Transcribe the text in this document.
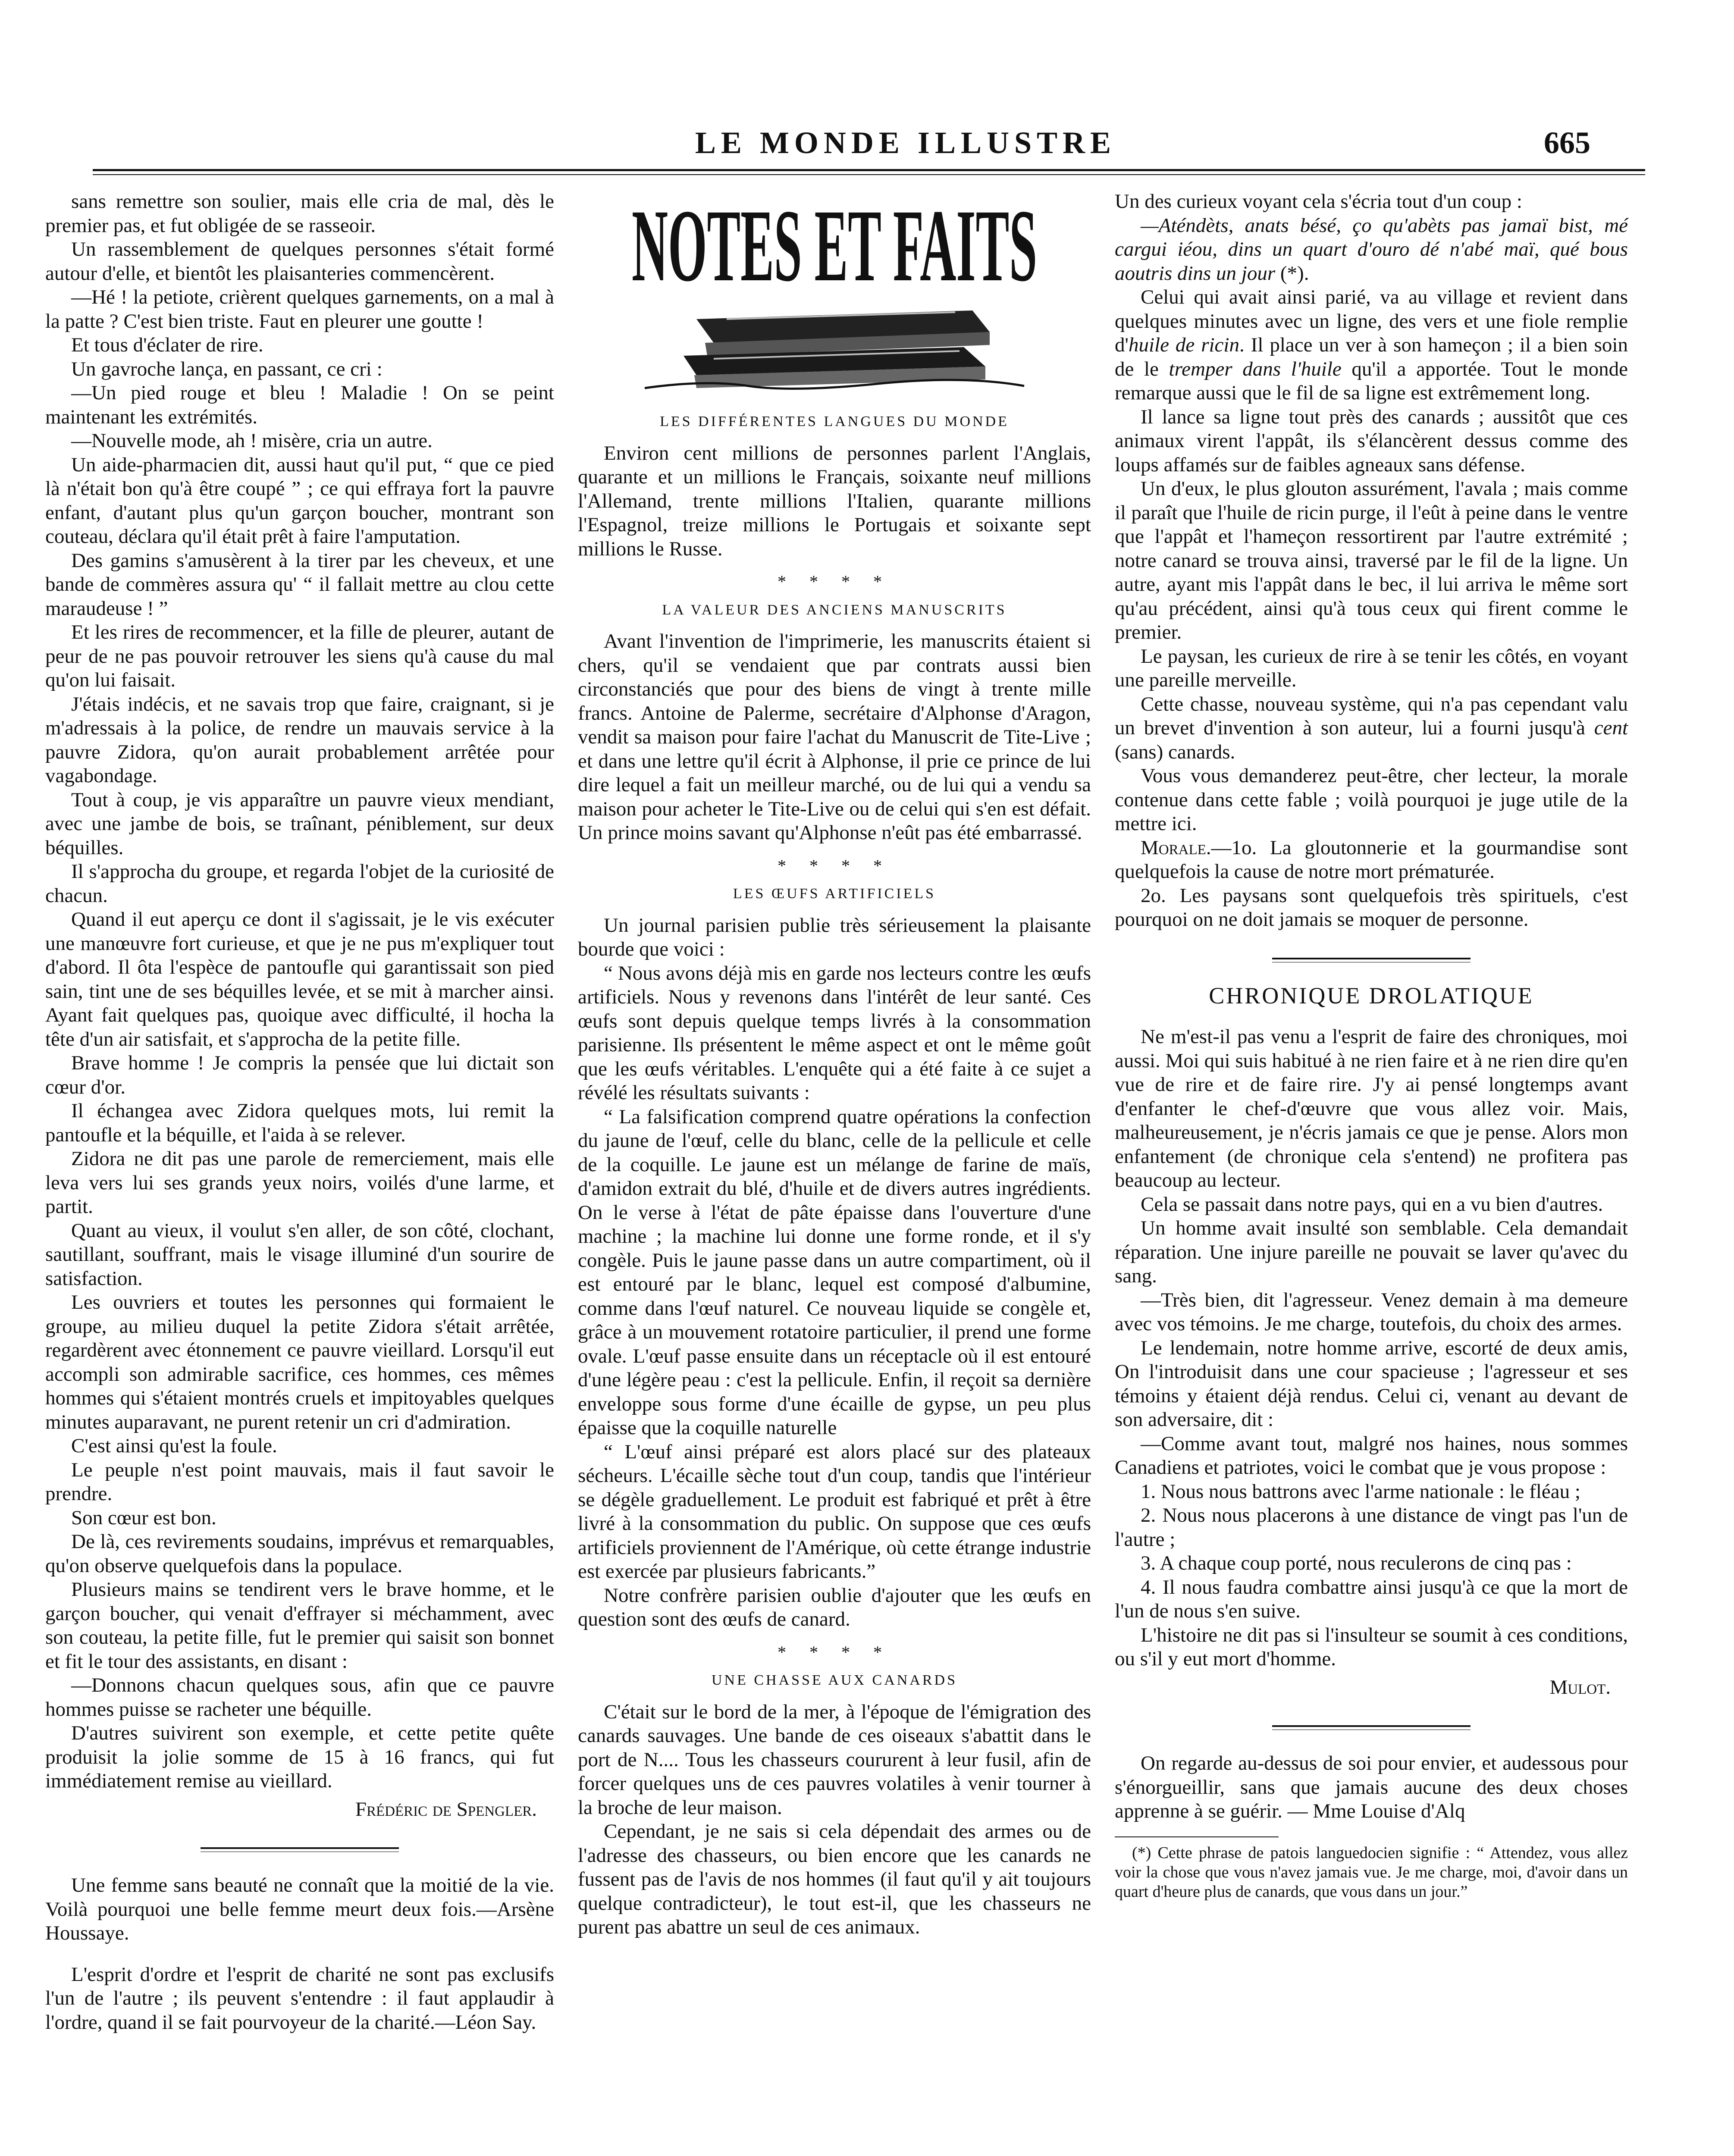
LE MONDE ILLUSTRE	665

sans remettre son soulier, mais elle cria de mal, dès le premier pas, et fut obligée de se rasseoir.

Un rassemblement de quelques personnes s'était formé autour d'elle, et bientôt les plaisanteries commencèrent.

—Hé ! la petiote, crièrent quelques garnements, on a mal à la patte ? C'est bien triste. Faut en pleurer une goutte !

Et tous d'éclater de rire.

Un gavroche lança, en passant, ce cri :

—Un pied rouge et bleu ! Maladie ! On se peint maintenant les extrémités.

—Nouvelle mode, ah ! misère, cria un autre.

Un aide-pharmacien dit, aussi haut qu'il put, “ que ce pied là n'était bon qu'à être coupé ” ; ce qui effraya fort la pauvre enfant, d'autant plus qu'un garçon boucher, montrant son couteau, déclara qu'il était prêt à faire l'amputation.

Des gamins s'amusèrent à la tirer par les cheveux, et une bande de commères assura qu' “ il fallait mettre au clou cette maraudeuse ! ”

Et les rires de recommencer, et la fille de pleurer, autant de peur de ne pas pouvoir retrouver les siens qu'à cause du mal qu'on lui faisait.

J'étais indécis, et ne savais trop que faire, craignant, si je m'adressais à la police, de rendre un mauvais service à la pauvre Zidora, qu'on aurait probablement arrêtée pour vagabondage.

Tout à coup, je vis apparaître un pauvre vieux mendiant, avec une jambe de bois, se traînant, péniblement, sur deux béquilles.

Il s'approcha du groupe, et regarda l'objet de la curiosité de chacun.

Quand il eut aperçu ce dont il s'agissait, je le vis exécuter une manœuvre fort curieuse, et que je ne pus m'expliquer tout d'abord. Il ôta l'espèce de pantoufle qui garantissait son pied sain, tint une de ses béquilles levée, et se mit à marcher ainsi. Ayant fait quelques pas, quoique avec difficulté, il hocha la tête d'un air satisfait, et s'approcha de la petite fille.

Brave homme ! Je compris la pensée que lui dictait son cœur d'or.

Il échangea avec Zidora quelques mots, lui remit la pantoufle et la béquille, et l'aida à se relever.

Zidora ne dit pas une parole de remerciement, mais elle leva vers lui ses grands yeux noirs, voilés d'une larme, et partit.

Quant au vieux, il voulut s'en aller, de son côté, clochant, sautillant, souffrant, mais le visage illuminé d'un sourire de satisfaction.

Les ouvriers et toutes les personnes qui formaient le groupe, au milieu duquel la petite Zidora s'était arrêtée, regardèrent avec étonnement ce pauvre vieillard. Lorsqu'il eut accompli son admirable sacrifice, ces hommes, ces mêmes hommes qui s'étaient montrés cruels et impitoyables quelques minutes auparavant, ne purent retenir un cri d'admiration.

C'est ainsi qu'est la foule.

Le peuple n'est point mauvais, mais il faut savoir le prendre.

Son cœur est bon.

De là, ces revirements soudains, imprévus et remarquables, qu'on observe quelquefois dans la populace.

Plusieurs mains se tendirent vers le brave homme, et le garçon boucher, qui venait d'effrayer si méchamment, avec son couteau, la petite fille, fut le premier qui saisit son bonnet et fit le tour des assistants, en disant :

—Donnons chacun quelques sous, afin que ce pauvre hommes puisse se racheter une béquille.

D'autres suivirent son exemple, et cette petite quête produisit la jolie somme de 15 à 16 francs, qui fut immédiatement remise au vieillard.

Frédéric de Spengler.

Une femme sans beauté ne connaît que la moitié de la vie. Voilà pourquoi une belle femme meurt deux fois.—Arsène Houssaye.

L'esprit d'ordre et l'esprit de charité ne sont pas exclusifs l'un de l'autre ; ils peuvent s'entendre : il faut applaudir à l'ordre, quand il se fait pourvoyeur de la charité.—Léon Say.

NOTES ET FAITS

LES DIFFÉRENTES LANGUES DU MONDE

Environ cent millions de personnes parlent l'Anglais, quarante et un millions le Français, soixante neuf millions l'Allemand, trente millions l'Italien, quarante millions l'Espagnol, treize millions le Portugais et soixante sept millions le Russe.

* * * *

LA VALEUR DES ANCIENS MANUSCRITS

Avant l'invention de l'imprimerie, les manuscrits étaient si chers, qu'il se vendaient que par contrats aussi bien circonstanciés que pour des biens de vingt à trente mille francs. Antoine de Palerme, secrétaire d'Alphonse d'Aragon, vendit sa maison pour faire l'achat du Manuscrit de Tite-Live ; et dans une lettre qu'il écrit à Alphonse, il prie ce prince de lui dire lequel a fait un meilleur marché, ou de lui qui a vendu sa maison pour acheter le Tite-Live ou de celui qui s'en est défait. Un prince moins savant qu'Alphonse n'eût pas été embarrassé.

* * * *

LES ŒUFS ARTIFICIELS

Un journal parisien publie très sérieusement la plaisante bourde que voici :

“ Nous avons déjà mis en garde nos lecteurs contre les œufs artificiels. Nous y revenons dans l'intérêt de leur santé. Ces œufs sont depuis quelque temps livrés à la consommation parisienne. Ils présentent le même aspect et ont le même goût que les œufs véritables. L'enquête qui a été faite à ce sujet a révélé les résultats suivants :

“ La falsification comprend quatre opérations la confection du jaune de l'œuf, celle du blanc, celle de la pellicule et celle de la coquille. Le jaune est un mélange de farine de maïs, d'amidon extrait du blé, d'huile et de divers autres ingrédients. On le verse à l'état de pâte épaisse dans l'ouverture d'une machine ; la machine lui donne une forme ronde, et il s'y congèle. Puis le jaune passe dans un autre compartiment, où il est entouré par le blanc, lequel est composé d'albumine, comme dans l'œuf naturel. Ce nouveau liquide se congèle et, grâce à un mouvement rotatoire particulier, il prend une forme ovale. L'œuf passe ensuite dans un réceptacle où il est entouré d'une légère peau : c'est la pellicule. Enfin, il reçoit sa dernière enveloppe sous forme d'une écaille de gypse, un peu plus épaisse que la coquille naturelle

“ L'œuf ainsi préparé est alors placé sur des plateaux sécheurs. L'écaille sèche tout d'un coup, tandis que l'intérieur se dégèle graduellement. Le produit est fabriqué et prêt à être livré à la consommation du public. On suppose que ces œufs artificiels proviennent de l'Amérique, où cette étrange industrie est exercée par plusieurs fabricants.”

Notre confrère parisien oublie d'ajouter que les œufs en question sont des œufs de canard.

* * * *

UNE CHASSE AUX CANARDS

C'était sur le bord de la mer, à l'époque de l'émigration des canards sauvages. Une bande de ces oiseaux s'abattit dans le port de N.... Tous les chasseurs coururent à leur fusil, afin de forcer quelques uns de ces pauvres volatiles à venir tourner à la broche de leur maison.

Cependant, je ne sais si cela dépendait des armes ou de l'adresse des chasseurs, ou bien encore que les canards ne fussent pas de l'avis de nos hommes (il faut qu'il y ait toujours quelque contradicteur), le tout est-il, que les chasseurs ne purent pas abattre un seul de ces animaux.

Un des curieux voyant cela s'écria tout d'un coup :

—Aténdèts, anats bésé, ço qu'abèts pas jamaï bist, mé cargui iéou, dins un quart d'ouro dé n'abé maï, qué bous aoutris dins un jour (*).

Celui qui avait ainsi parié, va au village et revient dans quelques minutes avec un ligne, des vers et une fiole remplie d'huile de ricin. Il place un ver à son hameçon ; il a bien soin de le tremper dans l'huile qu'il a apportée. Tout le monde remarque aussi que le fil de sa ligne est extrêmement long.

Il lance sa ligne tout près des canards ; aussitôt que ces animaux virent l'appât, ils s'élancèrent dessus comme des loups affamés sur de faibles agneaux sans défense.

Un d'eux, le plus glouton assurément, l'avala ; mais comme il paraît que l'huile de ricin purge, il l'eût à peine dans le ventre que l'appât et l'hameçon ressortirent par l'autre extrémité ; notre canard se trouva ainsi, traversé par le fil de la ligne. Un autre, ayant mis l'appât dans le bec, il lui arriva le même sort qu'au précédent, ainsi qu'à tous ceux qui firent comme le premier.

Le paysan, les curieux de rire à se tenir les côtés, en voyant une pareille merveille.

Cette chasse, nouveau système, qui n'a pas cependant valu un brevet d'invention à son auteur, lui a fourni jusqu'à cent (sans) canards.

Vous vous demanderez peut-être, cher lecteur, la morale contenue dans cette fable ; voilà pourquoi je juge utile de la mettre ici.

Morale.—1o. La gloutonnerie et la gourmandise sont quelquefois la cause de notre mort prématurée.

2o. Les paysans sont quelquefois très spirituels, c'est pourquoi on ne doit jamais se moquer de personne.

CHRONIQUE DROLATIQUE

Ne m'est-il pas venu a l'esprit de faire des chroniques, moi aussi. Moi qui suis habitué à ne rien faire et à ne rien dire qu'en vue de rire et de faire rire. J'y ai pensé longtemps avant d'enfanter le chef-d'œuvre que vous allez voir. Mais, malheureusement, je n'écris jamais ce que je pense. Alors mon enfantement (de chronique cela s'entend) ne profitera pas beaucoup au lecteur.

Cela se passait dans notre pays, qui en a vu bien d'autres.

Un homme avait insulté son semblable. Cela demandait réparation. Une injure pareille ne pouvait se laver qu'avec du sang.

—Très bien, dit l'agresseur. Venez demain à ma demeure avec vos témoins. Je me charge, toutefois, du choix des armes.

Le lendemain, notre homme arrive, escorté de deux amis, On l'introduisit dans une cour spacieuse ; l'agresseur et ses témoins y étaient déjà rendus. Celui ci, venant au devant de son adversaire, dit :

—Comme avant tout, malgré nos haines, nous sommes Canadiens et patriotes, voici le combat que je vous propose :

1. Nous nous battrons avec l'arme nationale : le fléau ;

2. Nous nous placerons à une distance de vingt pas l'un de l'autre ;

3. A chaque coup porté, nous reculerons de cinq pas :

4. Il nous faudra combattre ainsi jusqu'à ce que la mort de l'un de nous s'en suive.

L'histoire ne dit pas si l'insulteur se soumit à ces conditions, ou s'il y eut mort d'homme.

Mulot.

On regarde au-dessus de soi pour envier, et audessous pour s'énorgueillir, sans que jamais aucune des deux choses apprenne à se guérir. — Mme Louise d'Alq

(*) Cette phrase de patois languedocien signifie : “ Attendez, vous allez voir la chose que vous n'avez jamais vue. Je me charge, moi, d'avoir dans un quart d'heure plus de canards, que vous dans un jour.”
